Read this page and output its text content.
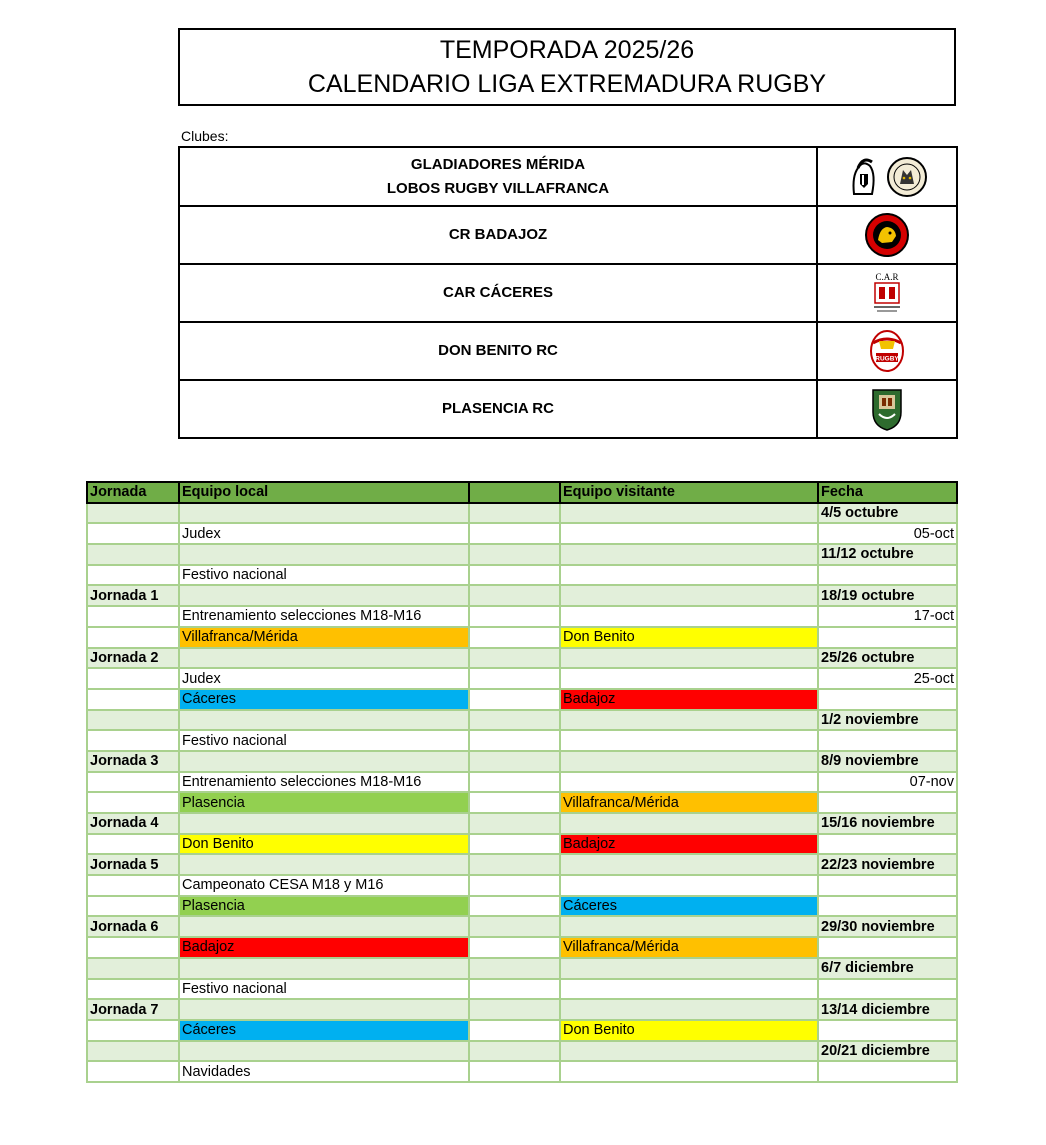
TEMPORADA 2025/26
CALENDARIO LIGA EXTREMADURA RUGBY
Clubes:
GLADIADORES MÉRIDA
LOBOS RUGBY VILLAFRANCA

CR BADAJOZ

CAR CÁCERES	C.A.R

DON BENITO RC	RUGBY

PLASENCIA RC

Jornada	Equipo local		Equipo visitante	Fecha
				4/5 octubre
	Judex			05-oct
				11/12 octubre
	Festivo nacional			
Jornada 1				18/19 octubre
	Entrenamiento selecciones M18-M16			17-oct
	Villafranca/Mérida		Don Benito	
Jornada 2				25/26 octubre
	Judex			25-oct
	Cáceres		Badajoz	
				1/2 noviembre
	Festivo nacional			
Jornada 3				8/9 noviembre
	Entrenamiento selecciones M18-M16			07-nov
	Plasencia		Villafranca/Mérida	
Jornada 4				15/16 noviembre
	Don Benito		Badajoz	
Jornada 5				22/23 noviembre
	Campeonato CESA M18 y M16			
	Plasencia		Cáceres	
Jornada 6				29/30 noviembre
	Badajoz		Villafranca/Mérida	
				6/7 diciembre
	Festivo nacional			
Jornada 7				13/14 diciembre
	Cáceres		Don Benito	
				20/21 diciembre
	Navidades			
